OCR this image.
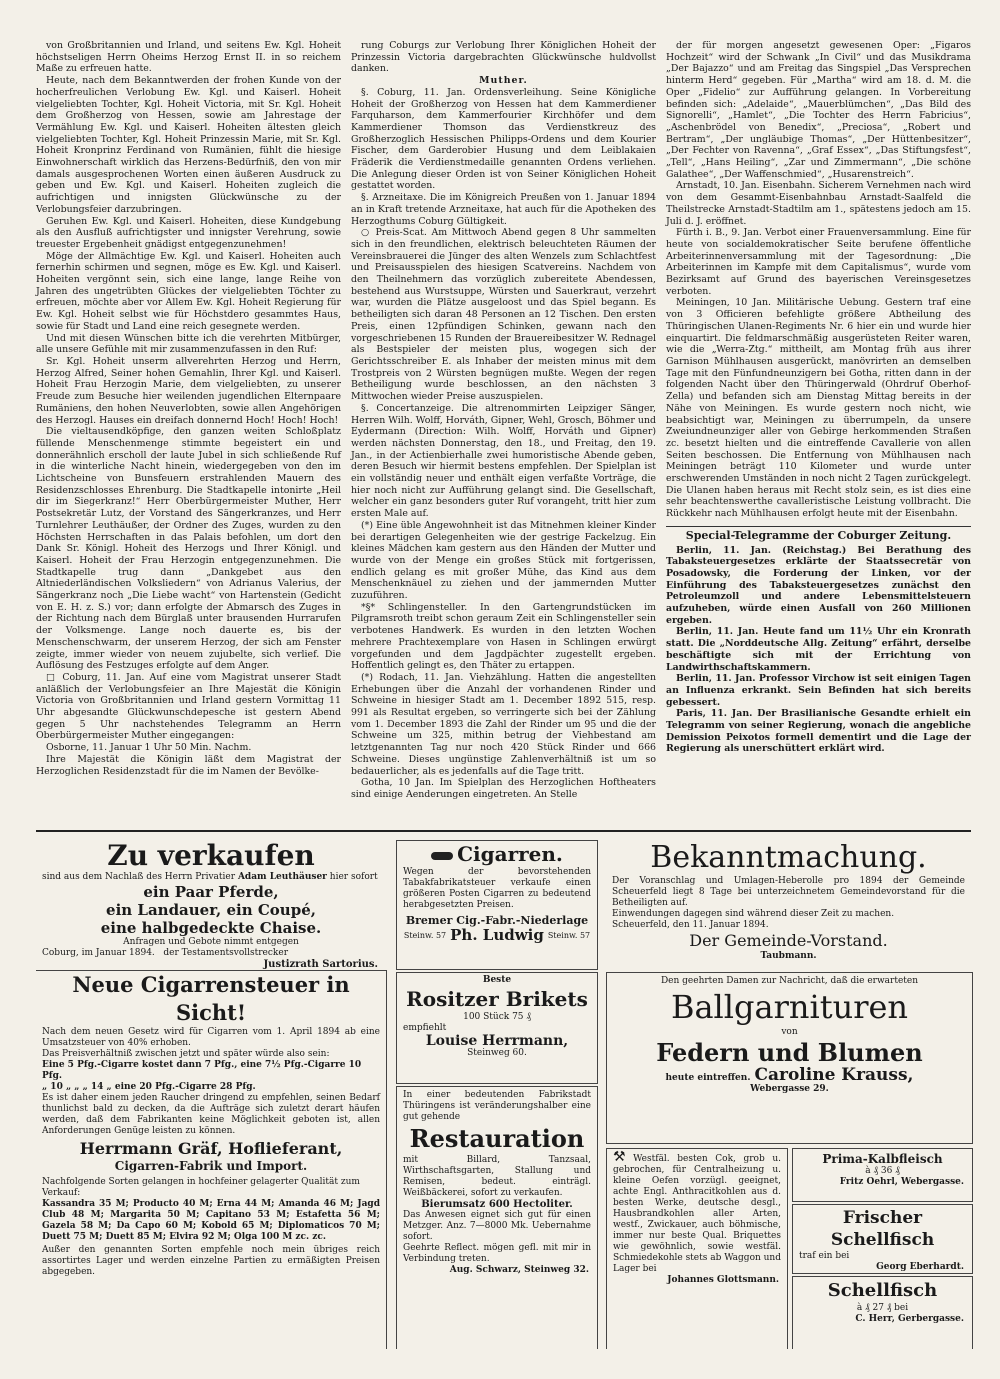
von Großbritannien und Irland, und seitens Ew. Kgl. Hoheit höchstseligen Herrn Oheims Herzog Ernst II. in so reichem Maße zu erfreuen hatte.

Heute, nach dem Bekanntwerden der frohen Kunde von der hocherfreulichen Verlobung Ew. Kgl. und Kaiserl. Hoheit vielgeliebten Tochter, Kgl. Hoheit Victoria, mit Sr. Kgl. Hoheit dem Großherzog von Hessen, sowie am Jahrestage der Vermählung Ew. Kgl. und Kaiserl. Hoheiten ältesten gleich vielgeliebten Tochter, Kgl. Hoheit Prinzessin Marie, mit Sr. Kgl. Hoheit Kronprinz Ferdinand von Rumänien, fühlt die hiesige Einwohnerschaft wirklich das Herzens-Bedürfniß, den von mir damals ausgesprochenen Worten einen äußeren Ausdruck zu geben und Ew. Kgl. und Kaiserl. Hoheiten zugleich die aufrichtigen und innigsten Glückwünsche zu der Verlobungsfeier darzubringen.

Geruhen Ew. Kgl. und Kaiserl. Hoheiten, diese Kundgebung als den Ausfluß aufrichtigster und innigster Verehrung, sowie treuester Ergebenheit gnädigst entgegenzunehmen!

Möge der Allmächtige Ew. Kgl. und Kaiserl. Hoheiten auch fernerhin schirmen und segnen, möge es Ew. Kgl. und Kaiserl. Hoheiten vergönnt sein, sich eine lange, lange Reihe von Jahren des ungetrübten Glückes der vielgeliebten Töchter zu erfreuen, möchte aber vor Allem Ew. Kgl. Hoheit Regierung für Ew. Kgl. Hoheit selbst wie für Höchstdero gesammtes Haus, sowie für Stadt und Land eine reich gesegnete werden.

Und mit diesen Wünschen bitte ich die verehrten Mitbürger, alle unsere Gefühle mit mir zusammenzufassen in den Ruf:

Sr. Kgl. Hoheit unserm allverehrten Herzog und Herrn, Herzog Alfred, Seiner hohen Gemahlin, Ihrer Kgl. und Kaiserl. Hoheit Frau Herzogin Marie, dem vielgeliebten, zu unserer Freude zum Besuche hier weilenden jugendlichen Elternpaare Rumäniens, den hohen Neuverlobten, sowie allen Angehörigen des Herzogl. Hauses ein dreifach donnernd Hoch! Hoch! Hoch!

Die vieltausendköpfige, den ganzen weiten Schloßplatz füllende Menschenmenge stimmte begeistert ein und donnerähnlich erscholl der laute Jubel in sich schließende Ruf in die winterliche Nacht hinein, wiedergegeben von den im Lichtscheine von Bunsfeuern erstrahlenden Mauern des Residenzschlosses Ehrenburg. Die Stadtkapelle intonirte „Heil dir im Siegerkranz!“ Herr Oberbürgermeister Muther, Herr Postsekretär Lutz, der Vorstand des Sängerkranzes, und Herr Turnlehrer Leuthäußer, der Ordner des Zuges, wurden zu den Höchsten Herrschaften in das Palais befohlen, um dort den Dank Sr. Königl. Hoheit des Herzogs und Ihrer Königl. und Kaiserl. Hoheit der Frau Herzogin entgegenzunehmen. Die Stadtkapelle trug dann „Dankgebet aus den Altniederländischen Volksliedern“ von Adrianus Valerius, der Sängerkranz noch „Die Liebe wacht“ von Hartenstein (Gedicht von E. H. z. S.) vor; dann erfolgte der Abmarsch des Zuges in der Richtung nach dem Bürglaß unter brausenden Hurrarufen der Volksmenge. Lange noch dauerte es, bis der Menschenschwarm, der unserem Herzog, der sich am Fenster zeigte, immer wieder von neuem zujubelte, sich verlief. Die Auflösung des Festzuges erfolgte auf dem Anger.

□ Coburg, 11. Jan. Auf eine vom Magistrat unserer Stadt anläßlich der Verlobungsfeier an Ihre Majestät die Königin Victoria von Großbritannien und Irland gestern Vormittag 11 Uhr abgesandte Glückwunschdepesche ist gestern Abend gegen 5 Uhr nachstehendes Telegramm an Herrn Oberbürgermeister Muther eingegangen:

Osborne, 11. Januar 1 Uhr 50 Min. Nachm.

Ihre Majestät die Königin läßt dem Magistrat der Herzoglichen Residenzstadt für die im Namen der Bevölke-

rung Coburgs zur Verlobung Ihrer Königlichen Hoheit der Prinzessin Victoria dargebrachten Glückwünsche huldvollst danken.

Muther.

§. Coburg, 11. Jan. Ordensverleihung. Seine Königliche Hoheit der Großherzog von Hessen hat dem Kammerdiener Farquharson, dem Kammerfourier Kirchhöfer und dem Kammerdiener Thomson das Verdienstkreuz des Großherzoglich Hessischen Philipps-Ordens und dem Kourier Fischer, dem Garderobier Husung und dem Leiblakaien Fräderik die Verdienstmedaille genannten Ordens verliehen. Die Anlegung dieser Orden ist von Seiner Königlichen Hoheit gestattet worden.

§. Arzneitaxe. Die im Königreich Preußen von 1. Januar 1894 an in Kraft tretende Arzneitaxe, hat auch für die Apotheken des Herzogthums Coburg Gültigkeit.

○ Preis-Scat. Am Mittwoch Abend gegen 8 Uhr sammelten sich in den freundlichen, elektrisch beleuchteten Räumen der Vereinsbrauerei die Jünger des alten Wenzels zum Schlachtfest und Preisausspielen des hiesigen Scatvereins. Nachdem von den Theilnehmern das vorzüglich zubereitete Abendessen, bestehend aus Wurstsuppe, Würsten und Sauerkraut, verzehrt war, wurden die Plätze ausgeloost und das Spiel begann. Es betheiligten sich daran 48 Personen an 12 Tischen. Den ersten Preis, einen 12pfündigen Schinken, gewann nach den vorgeschriebenen 15 Runden der Brauereibesitzer W. Rednagel als Bestspieler der meisten plus, wogegen sich der Gerichtsschreiber E. als Inhaber der meisten minus mit dem Trostpreis von 2 Würsten begnügen mußte. Wegen der regen Betheiligung wurde beschlossen, an den nächsten 3 Mittwochen wieder Preise auszuspielen.

§. Concertanzeige. Die altrenommirten Leipziger Sänger, Herren Wilh. Wolff, Horváth, Gipner, Wehl, Grosch, Böhmer und Eydermann (Direction: Wilh. Wolff, Horváth und Gipner) werden nächsten Donnerstag, den 18., und Freitag, den 19. Jan., in der Actienbierhalle zwei humoristische Abende geben, deren Besuch wir hiermit bestens empfehlen. Der Spielplan ist ein vollständig neuer und enthält eigen verfaßte Vorträge, die hier noch nicht zur Aufführung gelangt sind. Die Gesellschaft, welcher ein ganz besonders guter Ruf vorangeht, tritt hier zum ersten Male auf.

(*) Eine üble Angewohnheit ist das Mitnehmen kleiner Kinder bei derartigen Gelegenheiten wie der gestrige Fackelzug. Ein kleines Mädchen kam gestern aus den Händen der Mutter und wurde von der Menge ein großes Stück mit fortgerissen, endlich gelang es mit großer Mühe, das Kind aus dem Menschenknäuel zu ziehen und der jammernden Mutter zuzuführen.

*§* Schlingensteller. In den Gartengrundstücken im Pilgramsroth treibt schon geraum Zeit ein Schlingensteller sein verbotenes Handwerk. Es wurden in den letzten Wochen mehrere Prachtexemplare von Hasen in Schlingen erwürgt vorgefunden und dem Jagdpächter zugestellt ergeben. Hoffentlich gelingt es, den Thäter zu ertappen.

(*) Rodach, 11. Jan. Viehzählung. Hatten die angestellten Erhebungen über die Anzahl der vorhandenen Rinder und Schweine in hiesiger Stadt am 1. December 1892 515, resp. 991 als Resultat ergeben, so verringerte sich bei der Zählung vom 1. December 1893 die Zahl der Rinder um 95 und die der Schweine um 325, mithin betrug der Viehbestand am letztgenannten Tag nur noch 420 Stück Rinder und 666 Schweine. Dieses ungünstige Zahlenverhältniß ist um so bedauerlicher, als es jedenfalls auf die Tage tritt.

Gotha, 10 Jan. Im Spielplan des Herzoglichen Hoftheaters sind einige Aenderungen eingetreten. An Stelle

der für morgen angesetzt gewesenen Oper: „Figaros Hochzeit“ wird der Schwank „In Civil“ und das Musikdrama „Der Bajazzo“ und am Freitag das Singspiel „Das Versprechen hinterm Herd“ gegeben. Für „Martha“ wird am 18. d. M. die Oper „Fidelio“ zur Aufführung gelangen. In Vorbereitung befinden sich: „Adelaide“, „Mauerblümchen“, „Das Bild des Signorelli“, „Hamlet“, „Die Tochter des Herrn Fabricius“, „Aschenbrödel von Benedix“, „Preciosa“, „Robert und Bertram“, „Der ungläubige Thomas“, „Der Hüttenbesitzer“, „Der Fechter von Ravenna“, „Graf Essex“, „Das Stiftungsfest“, „Tell“, „Hans Heiling“, „Zar und Zimmermann“, „Die schöne Galathee“, „Der Waffenschmied“, „Husarenstreich“.

Arnstadt, 10. Jan. Eisenbahn. Sicherem Vernehmen nach wird von dem Gesammt-Eisenbahnbau Arnstadt-Saalfeld die Theilstrecke Arnstadt-Stadtilm am 1., spätestens jedoch am 15. Juli d. J. eröffnet.

Fürth i. B., 9. Jan. Verbot einer Frauenversammlung. Eine für heute von socialdemokratischer Seite berufene öffentliche Arbeiterinnenversammlung mit der Tagesordnung: „Die Arbeiterinnen im Kampfe mit dem Capitalismus“, wurde vom Bezirksamt auf Grund des bayerischen Vereinsgesetzes verboten.

Meiningen, 10 Jan. Militärische Uebung. Gestern traf eine von 3 Officieren befehligte größere Abtheilung des Thüringischen Ulanen-Regiments Nr. 6 hier ein und wurde hier einquartirt. Die feldmarschmäßig ausgerüsteten Reiter waren, wie die „Werra-Ztg.“ mittheilt, am Montag früh aus ihrer Garnison Mühlhausen ausgerückt, manövrirten an demselben Tage mit den Fünfundneunzigern bei Gotha, ritten dann in der folgenden Nacht über den Thüringerwald (Ohrdruf Oberhof-Zella) und befanden sich am Dienstag Mittag bereits in der Nähe von Meiningen. Es wurde gestern noch nicht, wie beabsichtigt war, Meiningen zu überrumpeln, da unsere Zweiundneunziger aller von Gebirge herkommenden Straßen zc. besetzt hielten und die eintreffende Cavallerie von allen Seiten beschossen. Die Entfernung von Mühlhausen nach Meiningen beträgt 110 Kilometer und wurde unter erschwerenden Umständen in noch nicht 2 Tagen zurückgelegt. Die Ulanen haben heraus mit Recht stolz sein, es ist dies eine sehr beachtenswerthe cavalleristische Leistung vollbracht. Die Rückkehr nach Mühlhausen erfolgt heute mit der Eisenbahn.

Special-Telegramme der Coburger Zeitung.

Berlin, 11. Jan. (Reichstag.) Bei Berathung des Tabaksteuergesetzes erklärte der Staatssecretär von Posadowsky, die Forderung der Linken, vor der Einführung des Tabaksteuergesetzes zunächst den Petroleumzoll und andere Lebensmittelsteuern aufzuheben, würde einen Ausfall von 260 Millionen ergeben.

Berlin, 11. Jan. Heute fand um 11½ Uhr ein Kronrath statt. Die „Norddeutsche Allg. Zeitung“ erfährt, derselbe beschäftigte sich mit der Errichtung von Landwirthschaftskammern.

Berlin, 11. Jan. Professor Virchow ist seit einigen Tagen an Influenza erkrankt. Sein Befinden hat sich bereits gebessert.

Paris, 11. Jan. Der Brasilianische Gesandte erhielt ein Telegramm von seiner Regierung, wonach die angebliche Demission Peixotos formell dementirt und die Lage der Regierung als unerschüttert erklärt wird.

Zu verkaufen

sind aus dem Nachlaß des Herrn Privatier Adam Leuthäuser hier sofort

ein Paar Pferde,

ein Landauer, ein Coupé,

eine halbgedeckte Chaise.

Anfragen und Gebote nimmt entgegen

Coburg, im Januar 1894. der Testamentsvollstrecker

Justizrath Sartorius.

Neue Cigarrensteuer in Sicht!

Nach dem neuen Gesetz wird für Cigarren vom 1. April 1894 ab eine Umsatzsteuer von 40% erhoben.

Das Preisverhältniß zwischen jetzt und später würde also sein:

Eine 5 Pfg.-Cigarre kostet dann 7 Pfg., eine 7½ Pfg.-Cigarre 10 Pfg.

„ 10 „ „ „ 14 „ eine 20 Pfg.-Cigarre 28 Pfg.

Es ist daher einem jeden Raucher dringend zu empfehlen, seinen Bedarf thunlichst bald zu decken, da die Aufträge sich zuletzt derart häufen werden, daß dem Fabrikanten keine Möglichkeit geboten ist, allen Anforderungen Genüge leisten zu können.

Herrmann Gräf, Hoflieferant,

Cigarren-Fabrik und Import.

Nachfolgende Sorten gelangen in hochfeiner gelagerter Qualität zum Verkauf:

Kassandra 35 M; Producto 40 M; Erna 44 M; Amanda 46 M; Jagd Club 48 M; Margarita 50 M; Capitano 53 M; Estafetta 56 M; Gazela 58 M; Da Capo 60 M; Kobold 65 M; Diplomaticos 70 M; Duett 75 M; Duett 85 M; Elvira 92 M; Olga 100 M zc. zc.

Außer den genannten Sorten empfehle noch mein übriges reich assortirtes Lager und werden einzelne Partien zu ermäßigten Preisen abgegeben.

Cigarren.

Wegen der bevorstehenden Tabakfabrikatsteuer verkaufe einen größeren Posten Cigarren zu bedeutend herabgesetzten Preisen.

Bremer Cig.-Fabr.-Niederlage

Steinw. 57 Ph. Ludwig Steinw. 57

Beste

Rositzer Brikets

100 Stück 75 ₰

empfiehlt

Louise Herrmann,

Steinweg 60.

In einer bedeutenden Fabrikstadt Thüringens ist veränderungshalber eine gut gehende

Restauration

mit Billard, Tanzsaal, Wirthschaftsgarten, Stallung und Remisen, bedeut. einträgl. Weißbäckerei, sofort zu verkaufen.

Bierumsatz 600 Hectoliter.

Das Anwesen eignet sich gut für einen Metzger. Anz. 7—8000 Mk. Uebernahme sofort.

Geehrte Reflect. mögen gefl. mit mir in Verbindung treten.

Aug. Schwarz, Steinweg 32.

Bekanntmachung.

Der Voranschlag und Umlagen-Heberolle pro 1894 der Gemeinde Scheuerfeld liegt 8 Tage bei unterzeichnetem Gemeindevorstand für die Betheiligten auf.

Einwendungen dagegen sind während dieser Zeit zu machen.

Scheuerfeld, den 11. Januar 1894.

Der Gemeinde-Vorstand.

Taubmann.

Den geehrten Damen zur Nachricht, daß die erwarteten

Ballgarnituren

von

Federn und Blumen

heute eintreffen. Caroline Krauss,

Webergasse 29.

⚒ Westfäl. besten Cok, grob u. gebrochen, für Centralheizung u. kleine Oefen vorzügl. geeignet, achte Engl. Anthracitkohlen aus d. besten Werke, deutsche desgl., Hausbrandkohlen aller Arten, westf., Zwickauer, auch böhmische, immer nur beste Qual. Briquettes wie gewöhnlich, sowie westfäl. Schmiedekohle stets ab Waggon und Lager bei

Johannes Glottsmann.

Prima-Kalbfleisch

à ₰ 36 ₰

Fritz Oehrl, Webergasse.

Frischer Schellfisch

traf ein bei

Georg Eberhardt.

Schellfisch

à ₰ 27 ₰ bei

C. Herr, Gerbergasse.
